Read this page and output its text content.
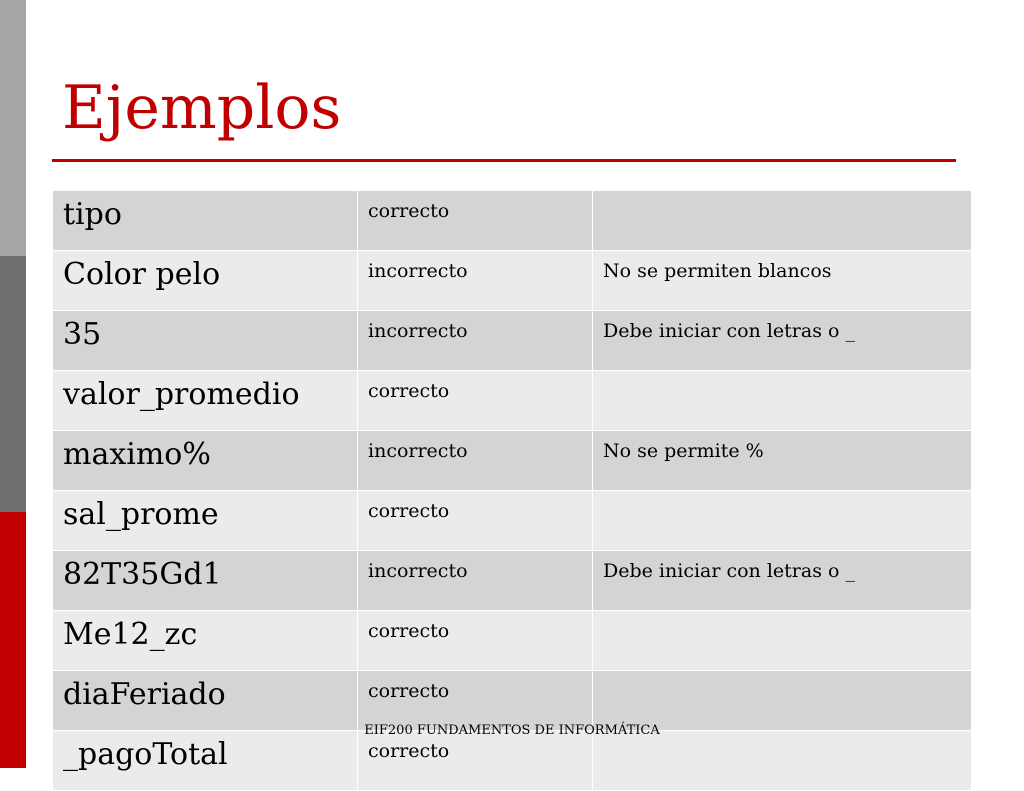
Ejemplos
tipo	correcto	
Color pelo	incorrecto	No se permiten blancos
35	incorrecto	Debe iniciar con letras o _
valor_promedio	correcto	
maximo%	incorrecto	No se permite %
sal_prome	correcto	
82T35Gd1	incorrecto	Debe iniciar con letras o _
Me12_zc	correcto	
diaFeriado	correcto	
_pagoTotal	correcto	
EIF200 FUNDAMENTOS DE INFORMÁTICA
